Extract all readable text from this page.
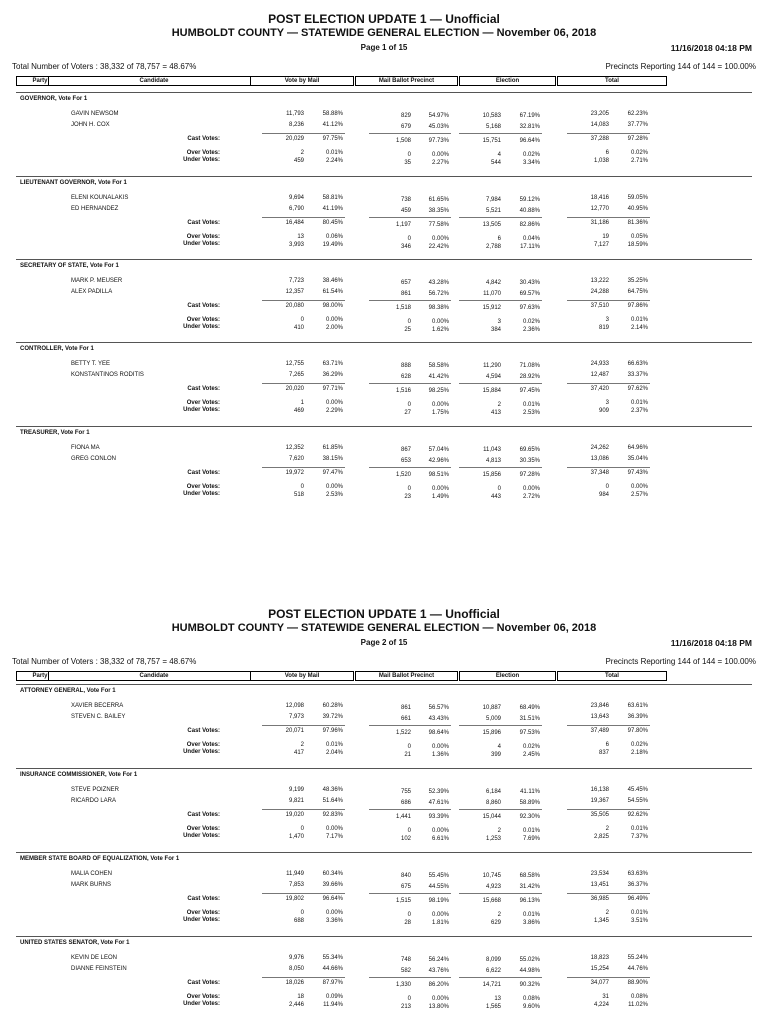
POST ELECTION UPDATE 1 — Unofficial
HUMBOLDT COUNTY — STATEWIDE GENERAL ELECTION — November 06, 2018
Page 1 of 15	11/16/2018 04:18 PM
Total Number of Voters : 38,332 of 78,757 = 48.67%	Precincts Reporting 144 of 144 = 100.00%
Party	Candidate	Vote by Mail	Mail Ballot Precinct	Election	Total
GOVERNOR, Vote For 1
GAVIN NEWSOM	11,793	58.88%	829	54.97%	10,583	67.19%	23,205	62.23%
JOHN H. COX	8,236	41.12%	679	45.03%	5,168	32.81%	14,083	37.77%
Cast Votes:	20,029	97.75%	1,508	97.73%	15,751	96.64%	37,288	97.28%
Over Votes:	2	0.01%	0	0.00%	4	0.02%	6	0.02%
Under Votes:	459	2.24%	35	2.27%	544	3.34%	1,038	2.71%
LIEUTENANT GOVERNOR, Vote For 1
ELENI KOUNALAKIS	9,694	58.81%	738	61.65%	7,984	59.12%	18,416	59.05%
ED HERNANDEZ	6,790	41.19%	459	38.35%	5,521	40.88%	12,770	40.95%
Cast Votes:	16,484	80.45%	1,197	77.58%	13,505	82.86%	31,186	81.36%
Over Votes:	13	0.06%	0	0.00%	6	0.04%	19	0.05%
Under Votes:	3,993	19.49%	346	22.42%	2,788	17.11%	7,127	18.59%
SECRETARY OF STATE, Vote For 1
MARK P. MEUSER	7,723	38.46%	657	43.28%	4,842	30.43%	13,222	35.25%
ALEX PADILLA	12,357	61.54%	861	56.72%	11,070	69.57%	24,288	64.75%
Cast Votes:	20,080	98.00%	1,518	98.38%	15,912	97.63%	37,510	97.86%
Over Votes:	0	0.00%	0	0.00%	3	0.02%	3	0.01%
Under Votes:	410	2.00%	25	1.62%	384	2.36%	819	2.14%
CONTROLLER, Vote For 1
BETTY T. YEE	12,755	63.71%	888	58.58%	11,290	71.08%	24,933	66.63%
KONSTANTINOS RODITIS	7,265	36.29%	628	41.42%	4,594	28.92%	12,487	33.37%
Cast Votes:	20,020	97.71%	1,516	98.25%	15,884	97.45%	37,420	97.62%
Over Votes:	1	0.00%	0	0.00%	2	0.01%	3	0.01%
Under Votes:	469	2.29%	27	1.75%	413	2.53%	909	2.37%
TREASURER, Vote For 1
FIONA MA	12,352	61.85%	867	57.04%	11,043	69.65%	24,262	64.96%
GREG CONLON	7,620	38.15%	653	42.96%	4,813	30.35%	13,086	35.04%
Cast Votes:	19,972	97.47%	1,520	98.51%	15,856	97.28%	37,348	97.43%
Over Votes:	0	0.00%	0	0.00%	0	0.00%	0	0.00%
Under Votes:	518	2.53%	23	1.49%	443	2.72%	984	2.57%
POST ELECTION UPDATE 1 — Unofficial
HUMBOLDT COUNTY — STATEWIDE GENERAL ELECTION — November 06, 2018
Page 2 of 15	11/16/2018 04:18 PM
Total Number of Voters : 38,332 of 78,757 = 48.67%	Precincts Reporting 144 of 144 = 100.00%
Party	Candidate	Vote by Mail	Mail Ballot Precinct	Election	Total
ATTORNEY GENERAL, Vote For 1
XAVIER BECERRA	12,098	60.28%	861	56.57%	10,887	68.49%	23,846	63.61%
STEVEN C. BAILEY	7,973	39.72%	661	43.43%	5,009	31.51%	13,643	36.39%
Cast Votes:	20,071	97.96%	1,522	98.64%	15,896	97.53%	37,489	97.80%
Over Votes:	2	0.01%	0	0.00%	4	0.02%	6	0.02%
Under Votes:	417	2.04%	21	1.36%	399	2.45%	837	2.18%
INSURANCE COMMISSIONER, Vote For 1
STEVE POIZNER	9,199	48.36%	755	52.39%	6,184	41.11%	16,138	45.45%
RICARDO LARA	9,821	51.64%	686	47.61%	8,860	58.89%	19,367	54.55%
Cast Votes:	19,020	92.83%	1,441	93.39%	15,044	92.30%	35,505	92.62%
Over Votes:	0	0.00%	0	0.00%	2	0.01%	2	0.01%
Under Votes:	1,470	7.17%	102	6.61%	1,253	7.69%	2,825	7.37%
MEMBER STATE BOARD OF EQUALIZATION, Vote For 1
MALIA COHEN	11,949	60.34%	840	55.45%	10,745	68.58%	23,534	63.63%
MARK BURNS	7,853	39.66%	675	44.55%	4,923	31.42%	13,451	36.37%
Cast Votes:	19,802	96.64%	1,515	98.19%	15,668	96.13%	36,985	96.49%
Over Votes:	0	0.00%	0	0.00%	2	0.01%	2	0.01%
Under Votes:	688	3.36%	28	1.81%	629	3.86%	1,345	3.51%
UNITED STATES SENATOR, Vote For 1
KEVIN DE LEON	9,976	55.34%	748	56.24%	8,099	55.02%	18,823	55.24%
DIANNE FEINSTEIN	8,050	44.66%	582	43.76%	6,622	44.98%	15,254	44.76%
Cast Votes:	18,026	87.97%	1,330	86.20%	14,721	90.32%	34,077	88.90%
Over Votes:	18	0.09%	0	0.00%	13	0.08%	31	0.08%
Under Votes:	2,446	11.94%	213	13.80%	1,565	9.60%	4,224	11.02%
